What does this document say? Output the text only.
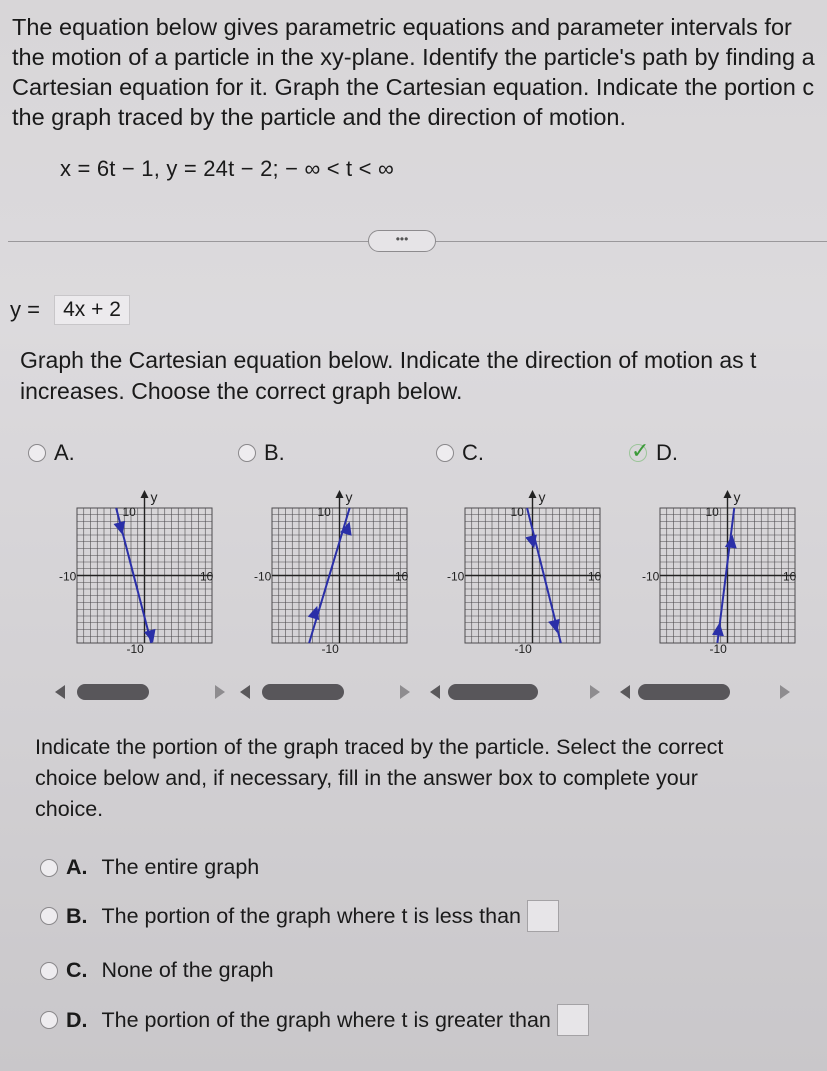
The equation below gives parametric equations and parameter intervals for
the motion of a particle in the xy-plane. Identify the particle's path by finding a
Cartesian equation for it. Graph the Cartesian equation. Indicate the portion c
the graph traced by the particle and the direction of motion.
x = 6t − 1, y = 24t − 2; − ∞ < t < ∞
•••
y = 4x + 2
Graph the Cartesian equation below. Indicate the direction of motion as t
increases. Choose the correct graph below.
A.	B.	C.	✓ D.
y
10
-10
-10	10
y
10
-10
-10	10
y
10
-10
-10	10
y
10
-10
-10	10
Indicate the portion of the graph traced by the particle. Select the correct
choice below and, if necessary, fill in the answer box to complete your
choice.
A. The entire graph
B. The portion of the graph where t is less than
C. None of the graph
D. The portion of the graph where t is greater than
